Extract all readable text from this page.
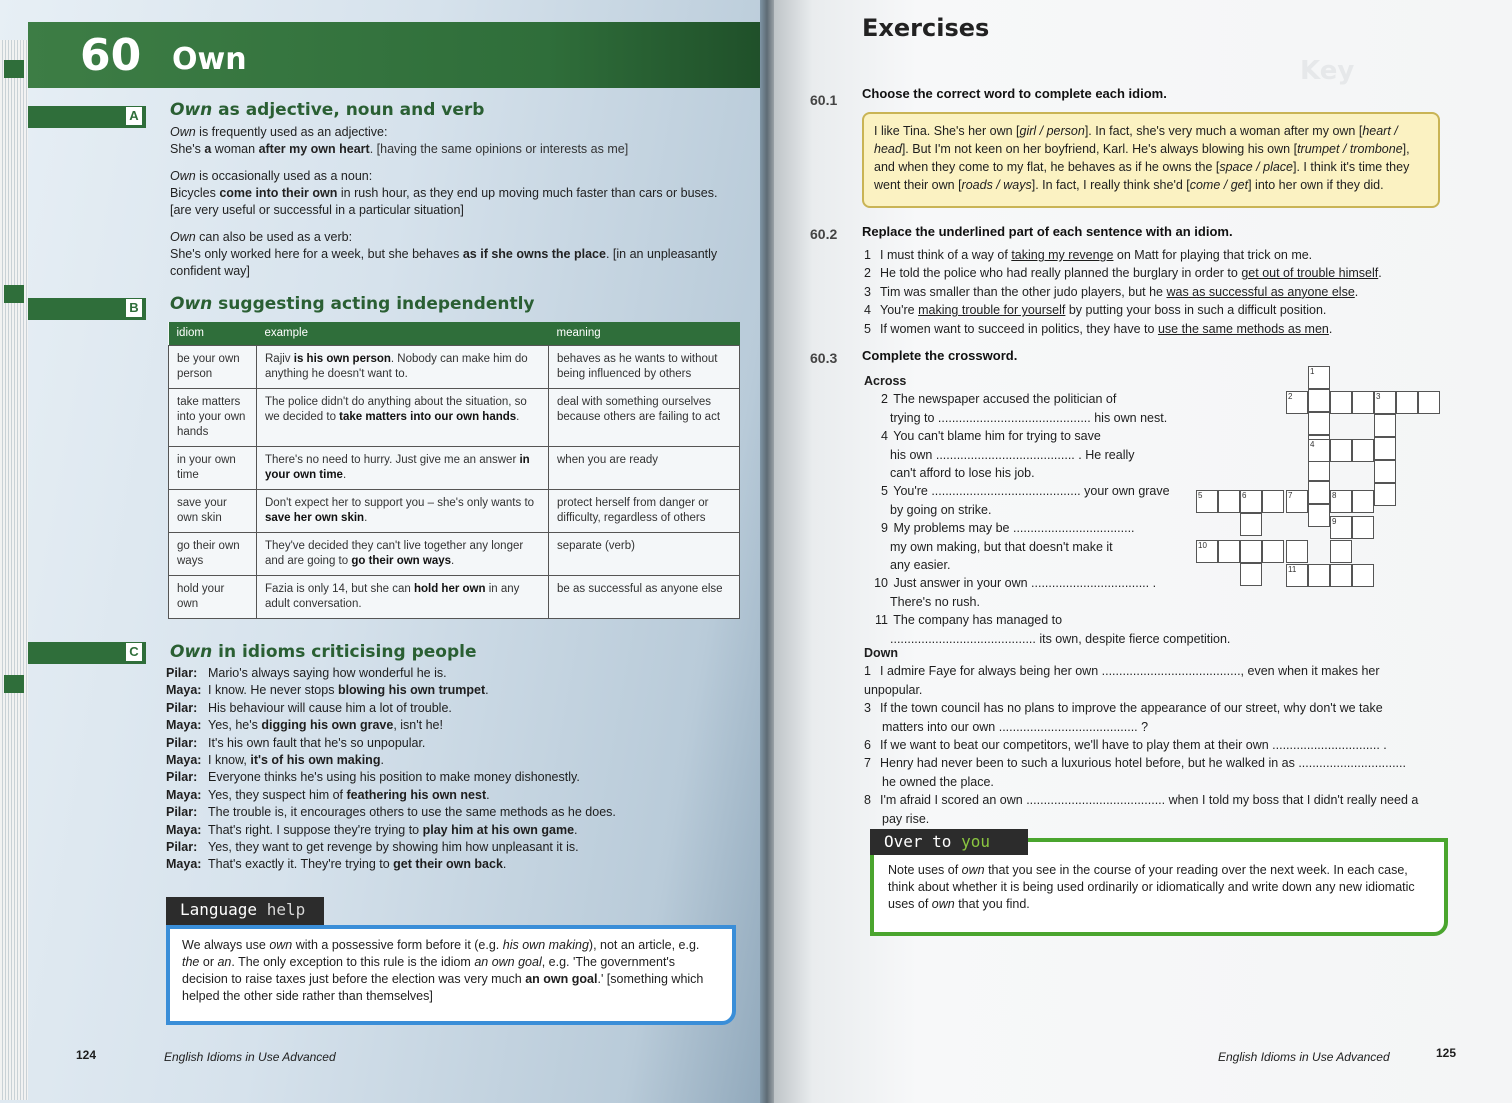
60 Own
A Own as adjective, noun and verb
Own is frequently used as an adjective:
She's a woman after my own heart. [having the same opinions or interests as me]
Own is occasionally used as a noun:
Bicycles come into their own in rush hour, as they end up moving much faster than cars or buses. [are very useful or successful in a particular situation]
Own can also be used as a verb:
She's only worked here for a week, but she behaves as if she owns the place. [in an unpleasantly confident way]
B Own suggesting acting independently
idiom	example	meaning
be your own person	Rajiv is his own person. Nobody can make him do anything he doesn't want to.	behaves as he wants to without being influenced by others
take matters into your own hands	The police didn't do anything about the situation, so we decided to take matters into our own hands.	deal with something ourselves because others are failing to act
in your own time	There's no need to hurry. Just give me an answer in your own time.	when you are ready
save your own skin	Don't expect her to support you – she's only wants to save her own skin.	protect herself from danger or difficulty, regardless of others
go their own ways	They've decided they can't live together any longer and are going to go their own ways.	separate (verb)
hold your own	Fazia is only 14, but she can hold her own in any adult conversation.	be as successful as anyone else
C Own in idioms criticising people
Pilar: Mario's always saying how wonderful he is.
Maya: I know. He never stops blowing his own trumpet.
Pilar: His behaviour will cause him a lot of trouble.
Maya: Yes, he's digging his own grave, isn't he!
Pilar: It's his own fault that he's so unpopular.
Maya: I know, it's of his own making.
Pilar: Everyone thinks he's using his position to make money dishonestly.
Maya: Yes, they suspect him of feathering his own nest.
Pilar: The trouble is, it encourages others to use the same methods as he does.
Maya: That's right. I suppose they're trying to play him at his own game.
Pilar: Yes, they want to get revenge by showing him how unpleasant it is.
Maya: That's exactly it. They're trying to get their own back.
Language help
We always use own with a possessive form before it (e.g. his own making), not an article, e.g. the or an. The only exception to this rule is the idiom an own goal, e.g. 'The government's decision to raise taxes just before the election was very much an own goal.' [something which helped the other side rather than themselves]
124	English Idioms in Use Advanced
Key
Exercises
60.1 Choose the correct word to complete each idiom.
I like Tina. She's her own [girl / person]. In fact, she's very much a woman after my own [heart / head]. But I'm not keen on her boyfriend, Karl. He's always blowing his own [trumpet / trombone], and when they come to my flat, he behaves as if he owns the [space / place]. I think it's time they went their own [roads / ways]. In fact, I really think she'd [come / get] into her own if they did.
60.2 Replace the underlined part of each sentence with an idiom.
1 I must think of a way of taking my revenge on Matt for playing that trick on me.
2 He told the police who had really planned the burglary in order to get out of trouble himself.
3 Tim was smaller than the other judo players, but he was as successful as anyone else.
4 You're making trouble for yourself by putting your boss in such a difficult position.
5 If women want to succeed in politics, they have to use the same methods as men.
60.3 Complete the crossword.
Across
2 The newspaper accused the politician of
trying to ............................................ his own nest.
4 You can't blame him for trying to save
his own ........................................ . He really
can't afford to lose his job.
5 You're ........................................... your own grave
by going on strike.
9 My problems may be ...................................
my own making, but that doesn't make it
any easier.
10 Just answer in your own .................................. .
There's no rush.
11 The company has managed to
.......................................... its own, despite fierce competition.
1
2	3
4
5	6	7	8
9
10
11
Down
1 I admire Faye for always being her own ........................................, even when it makes her unpopular.
3 If the town council has no plans to improve the appearance of our street, why don't we take
matters into our own ........................................ ?
6 If we want to beat our competitors, we'll have to play them at their own ............................... .
7 Henry had never been to such a luxurious hotel before, but he walked in as ...............................
he owned the place.
8 I'm afraid I scored an own ........................................ when I told my boss that I didn't really need a
pay rise.
Note uses of own that you see in the course of your reading over the next week. In each case, think about whether it is being used ordinarily or idiomatically and write down any new idiomatic uses of own that you find.
Over to you
English Idioms in Use Advanced	125
